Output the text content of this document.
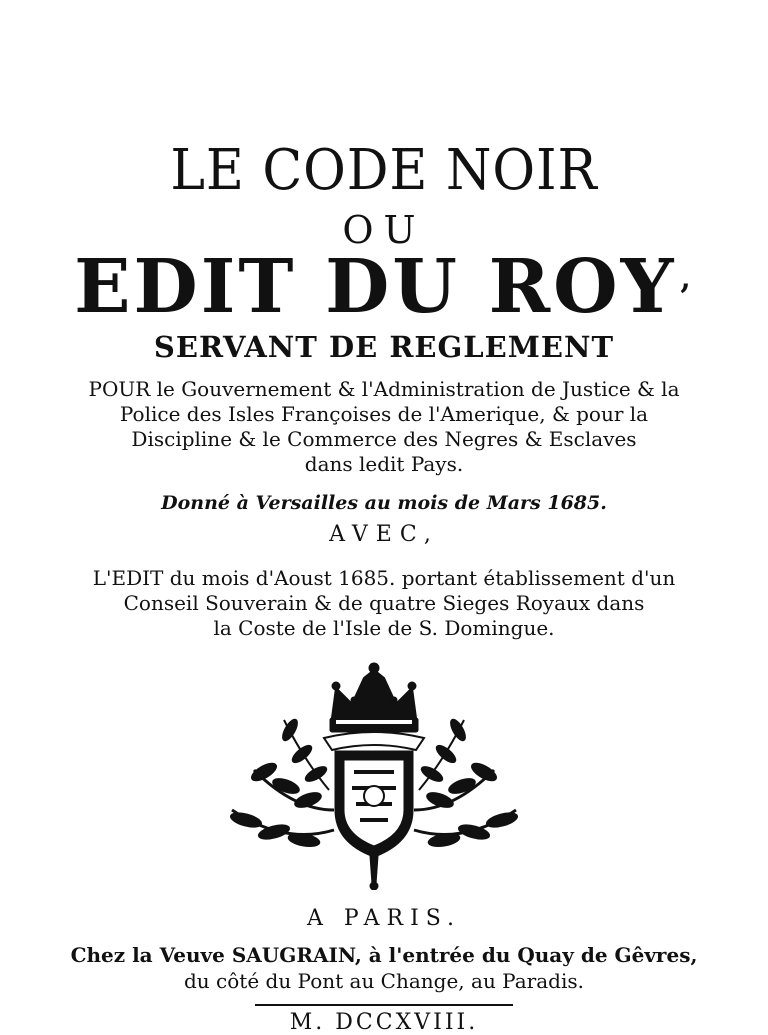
LE CODE NOIR
OU
EDIT DU ROY ,
SERVANT DE REGLEMENT
POUR le Gouvernement & l'Administration de Justice & la
Police des Isles Françoises de l'Amerique, & pour la
Discipline & le Commerce des Negres & Esclaves
dans ledit Pays.
Donné à Versailles au mois de Mars 1685.
AVEC,
L'EDIT du mois d'Aoust 1685. portant établissement d'un
Conseil Souverain & de quatre Sieges Royaux dans
la Coste de l'Isle de S. Domingue.
A PARIS.
Chez la Veuve SAUGRAIN, à l'entrée du Quay de Gêvres,
du côté du Pont au Change, au Paradis.
M. DCCXVIII.
